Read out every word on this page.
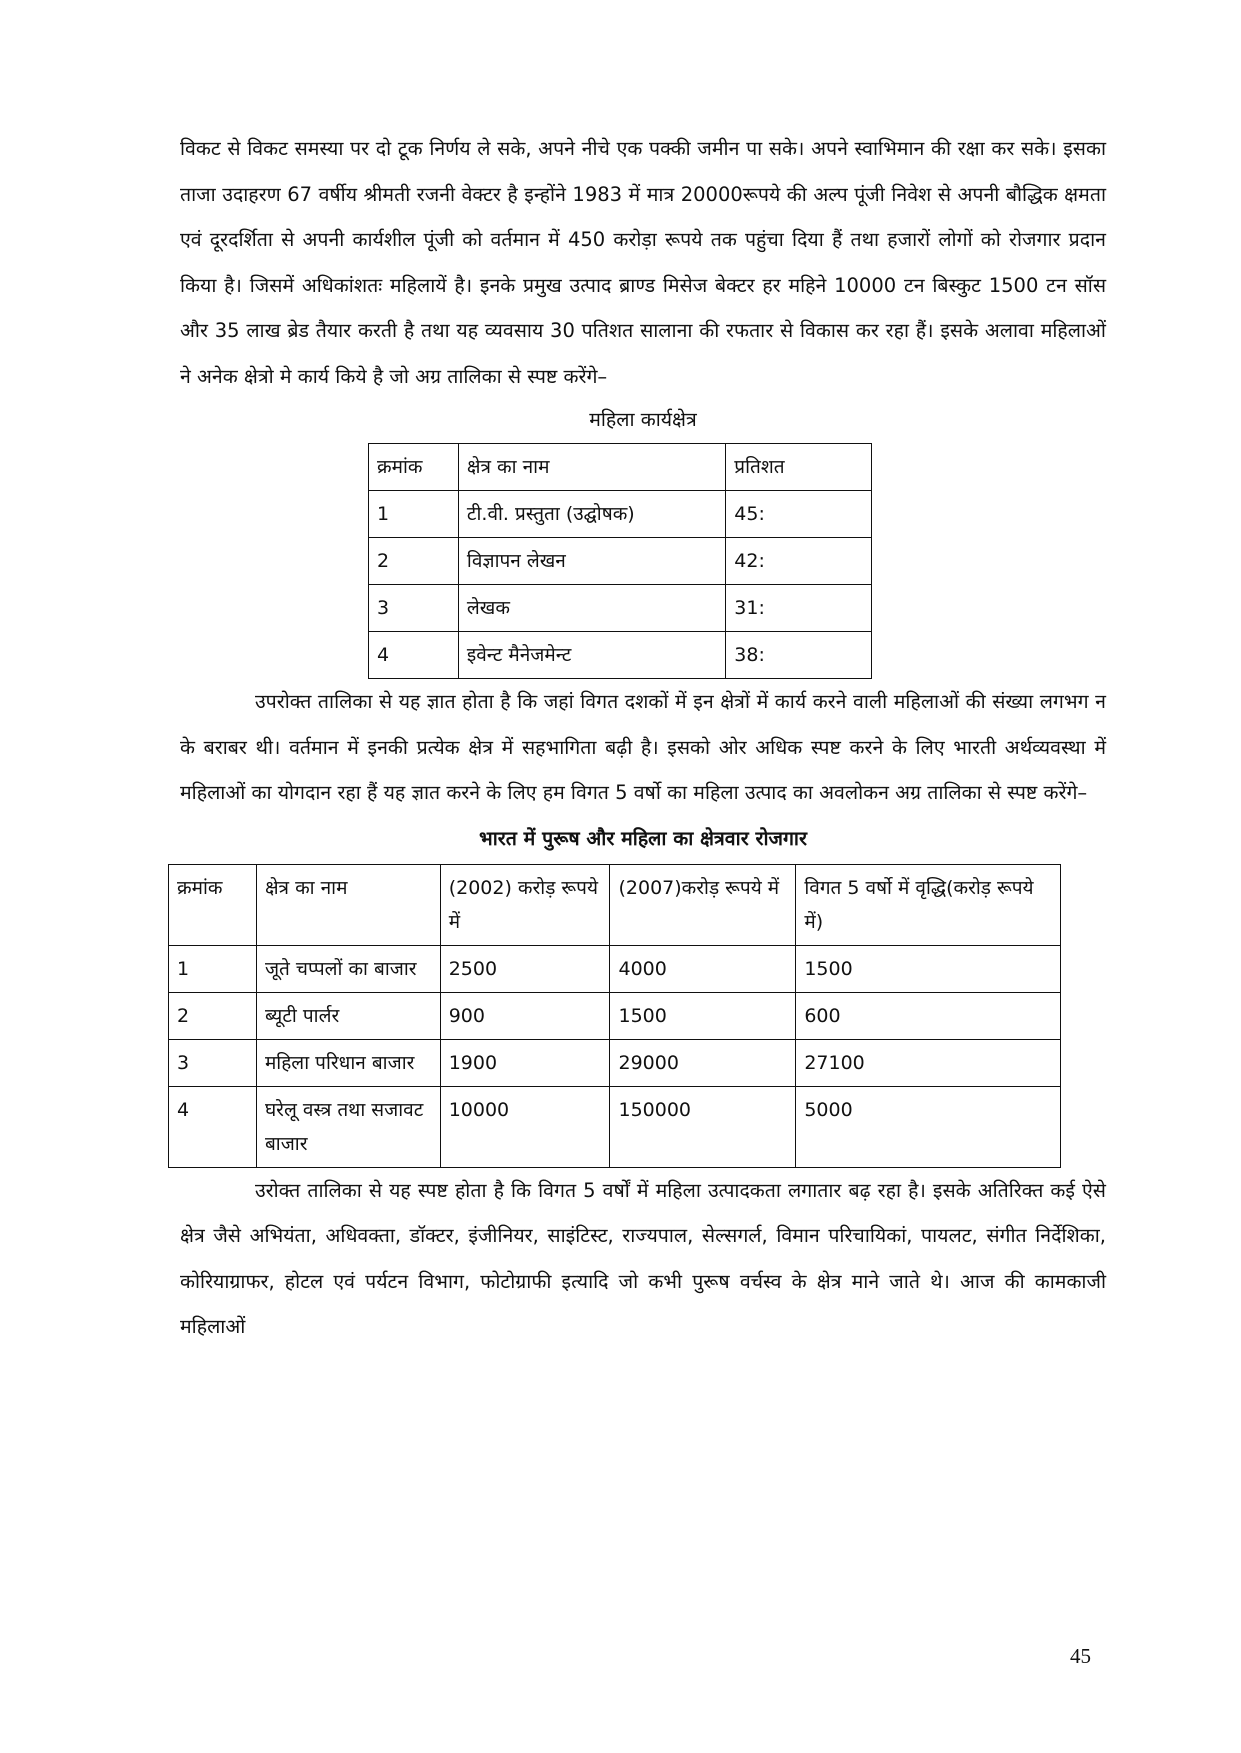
विकट से विकट समस्या पर दो टूक निर्णय ले सके, अपने नीचे एक पक्की जमीन पा सके। अपने स्वाभिमान की रक्षा कर सके। इसका ताजा उदाहरण 67 वर्षीय श्रीमती रजनी वेक्टर है इन्होंने 1983 में मात्र 20000रूपये की अल्प पूंजी निवेश से अपनी बौद्धिक क्षमता एवं दूरदर्शिता से अपनी कार्यशील पूंजी को वर्तमान में 450 करोड़ा रूपये तक पहुंचा दिया हैं तथा हजारों लोगों को रोजगार प्रदान किया है। जिसमें अधिकांशतः महिलायें है। इनके प्रमुख उत्पाद ब्राण्ड मिसेज बेक्टर हर महिने 10000 टन बिस्कुट 1500 टन सॉस और 35 लाख ब्रेड तैयार करती है तथा यह व्यवसाय 30 पतिशत सालाना की रफतार से विकास कर रहा हैं। इसके अलावा महिलाओं ने अनेक क्षेत्रो मे कार्य किये है जो अग्र तालिका से स्पष्ट करेंगे–

महिला कार्यक्षेत्र
क्रमांक	क्षेत्र का नाम	प्रतिशत
1	टी.वी. प्रस्तुता (उद्घोषक)	45:
2	विज्ञापन लेखन	42:
3	लेखक	31:
4	इवेन्ट मैनेजमेन्ट	38:

उपरोक्त तालिका से यह ज्ञात होता है कि जहां विगत दशकों में इन क्षेत्रों में कार्य करने वाली महिलाओं की संख्या लगभग न के बराबर थी। वर्तमान में इनकी प्रत्येक क्षेत्र में सहभागिता बढ़ी है। इसको ओर अधिक स्पष्ट करने के लिए भारती अर्थव्यवस्था में महिलाओं का योगदान रहा हैं यह ज्ञात करने के लिए हम विगत 5 वर्षो का महिला उत्पाद का अवलोकन अग्र तालिका से स्पष्ट करेंगे–

भारत में पुरूष और महिला का क्षेत्रवार रोजगार
क्रमांक	क्षेत्र का नाम	(2002) करोड़ रूपये में	(2007)करोड़ रूपये में	विगत 5 वर्षो में वृद्धि(करोड़ रूपये में)
1	जूते चप्पलों का बाजार	2500	4000	1500
2	ब्यूटी पार्लर	900	1500	600
3	महिला परिधान बाजार	1900	29000	27100
4	घरेलू वस्त्र तथा सजावट बाजार	10000	150000	5000

उरोक्त तालिका से यह स्पष्ट होता है कि विगत 5 वर्षों में महिला उत्पादकता लगातार बढ़ रहा है। इसके अतिरिक्त कई ऐसे क्षेत्र जैसे अभियंता, अधिवक्ता, डॉक्टर, इंजीनियर, साइंटिस्ट, राज्यपाल, सेल्सगर्ल, विमान परिचायिकां, पायलट, संगीत निर्देशिका, कोरियाग्राफर, होटल एवं पर्यटन विभाग, फोटोग्राफी इत्यादि जो कभी पुरूष वर्चस्व के क्षेत्र माने जाते थे। आज की कामकाजी महिलाओं

45
